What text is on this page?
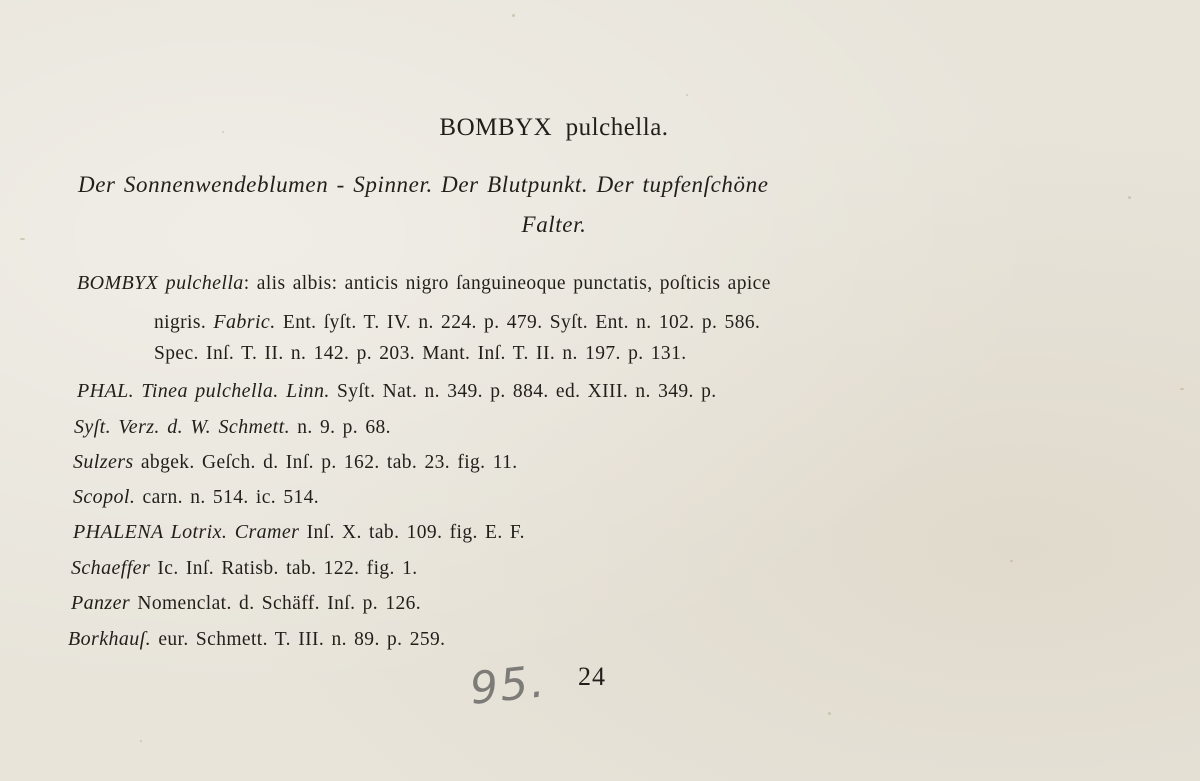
BOMBYX pulchella.
Der Sonnenwendeblumen - Spinner. Der Blutpunkt. Der tupfenſchöne
Falter.
BOMBYX pulchella: alis albis: anticis nigro ſanguineoque punctatis, poſticis apice
nigris. Fabric. Ent. ſyſt. T. IV. n. 224. p. 479. Syſt. Ent. n. 102. p. 586.
Spec. Inſ. T. II. n. 142. p. 203. Mant. Inſ. T. II. n. 197. p. 131.
PHAL. Tinea pulchella. Linn. Syſt. Nat. n. 349. p. 884. ed. XIII. n. 349. p.
Syſt. Verz. d. W. Schmett. n. 9. p. 68.
Sulzers abgek. Geſch. d. Inſ. p. 162. tab. 23. fig. 11.
Scopol. carn. n. 514. ic. 514.
PHALENA Lotrix. Cramer Inſ. X. tab. 109. fig. E. F.
Schaeffer Ic. Inſ. Ratisb. tab. 122. fig. 1.
Panzer Nomenclat. d. Schäff. Inſ. p. 126.
Borkhauſ. eur. Schmett. T. III. n. 89. p. 259.
95. 24
